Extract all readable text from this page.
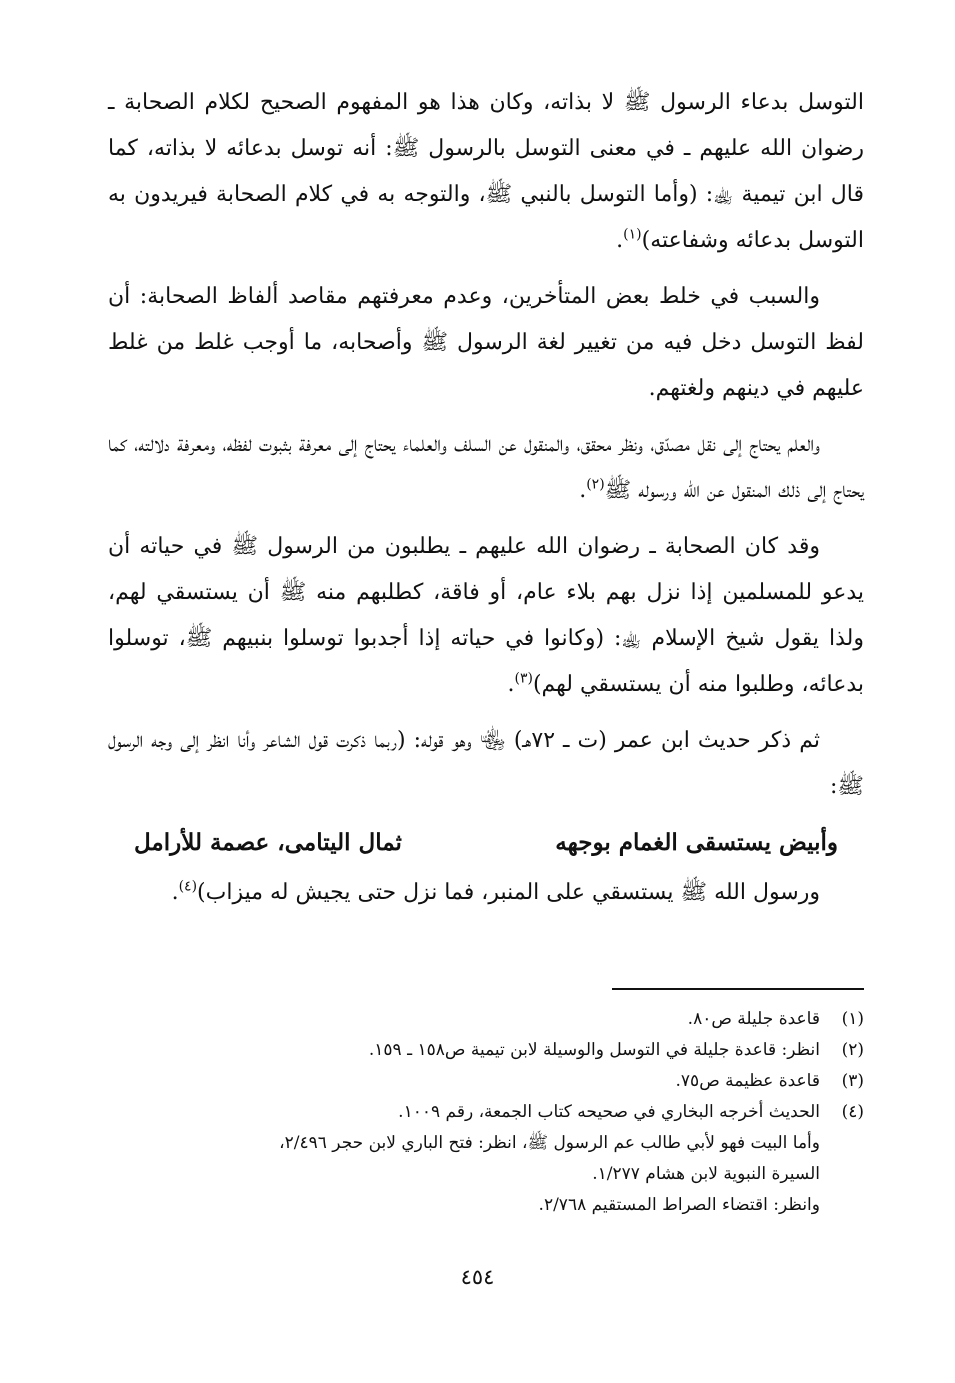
التوسل بدعاء الرسول ﷺ لا بذاته، وكان هذا هو المفهوم الصحيح لكلام الصحابة ـ رضوان الله عليهم ـ في معنى التوسل بالرسول ﷺ: أنه توسل بدعائه لا بذاته، كما قال ابن تيمية ﵀: (وأما التوسل بالنبي ﷺ، والتوجه به في كلام الصحابة فيريدون به التوسل بدعائه وشفاعته)$^{(١)}$.

والسبب في خلط بعض المتأخرين، وعدم معرفتهم مقاصد ألفاظ الصحابة: أن لفظ التوسل دخل فيه من تغيير لغة الرسول ﷺ وأصحابه، ما أوجب غلط من غلط عليهم في دينهم ولغتهم.

والعلم يحتاج إلى نقل مصدّق، ونظر محقق، والمنقول عن السلف والعلماء يحتاج إلى معرفة بثبوت لفظه، ومعرفة دلالته، كما يحتاج إلى ذلك المنقول عن الله ورسوله ﷺ$^{(٢)}$.

وقد كان الصحابة ـ رضوان الله عليهم ـ يطلبون من الرسول ﷺ في حياته أن يدعو للمسلمين إذا نزل بهم بلاء عام، أو فاقة، كطلبهم منه ﷺ أن يستسقي لهم، ولذا يقول شيخ الإسلام ﵀: (وكانوا في حياته إذا أجدبوا توسلوا بنبيهم ﷺ، توسلوا بدعائه، وطلبوا منه أن يستسقي لهم)$^{(٣)}$.

ثم ذكر حديث ابن عمر (ت ـ ٧٢هـ) ﵄ وهو قوله: (ربما ذكرت قول الشاعر وأنا انظر إلى وجه الرسول ﷺ:

وأبيض يستسقى الغمام بوجهه
ثمال اليتامى، عصمة للأرامل

ورسول الله ﷺ يستسقي على المنبر، فما نزل حتى يجيش له ميزاب)$^{(٤)}$.

(١)
قاعدة جليلة ص٨٠.
(٢)
انظر: قاعدة جليلة في التوسل والوسيلة لابن تيمية ص١٥٨ ـ ١٥٩.
(٣)
قاعدة عظيمة ص٧٥.
(٤)
الحديث أخرجه البخاري في صحيحه كتاب الجمعة، رقم ١٠٠٩.
وأما البيت فهو لأبي طالب عم الرسول ﷺ، انظر: فتح الباري لابن حجر ٢/٤٩٦،
السيرة النبوية لابن هشام ١/٢٧٧.
وانظر: اقتضاء الصراط المستقيم ٢/٧٦٨.
٤٥٤
